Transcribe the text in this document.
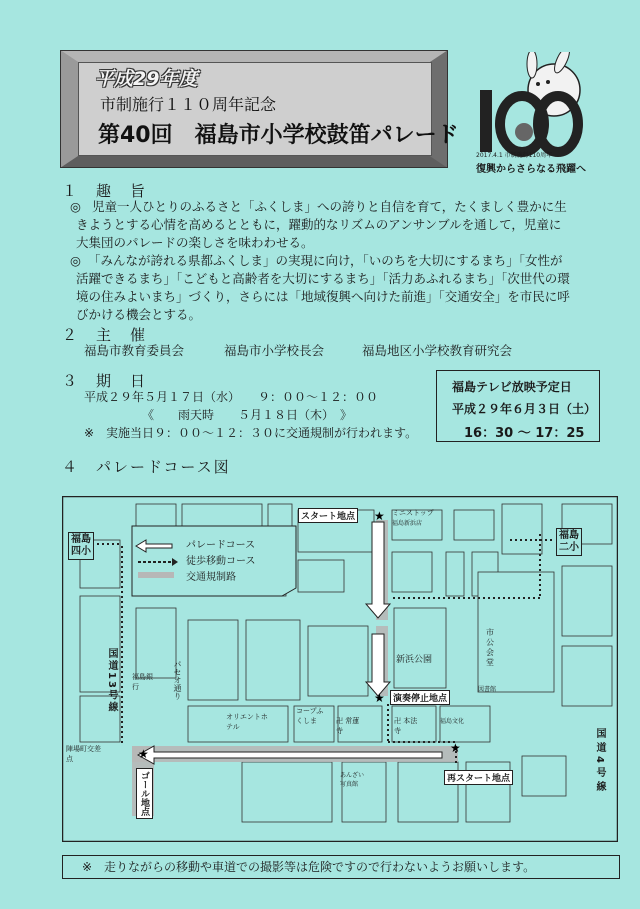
平成29年度
市制施行１１０周年記念
第40回　福島市小学校鼓笛パレード
2017.4.1 市制施行110周年
復興からさらなる飛躍へ
１　趣　旨
◎ 児童一人ひとりのふるさと「ふくしま」への誇りと自信を育て，たくましく豊かに生
きようとする心情を高めるとともに，躍動的なリズムのアンサンブルを通して，児童に
大集団のパレードの楽しさを味わわせる。
◎ 「みんなが誇れる県都ふくしま」の実現に向け，「いのちを大切にするまち」「女性が
活躍できるまち」「こどもと高齢者を大切にするまち」「活力あふれるまち」「次世代の環
境の住みよいまち」づくり，さらには「地域復興へ向けた前進」「交通安全」を市民に呼
びかける機会とする。
２　主　催
福島市教育委員会	福島市小学校長会	福島地区小学校教育研究会
３　期　日
平成２９年５月１７日（水）　　９：００～１２：００
《　　雨天時　　５月１８日（木）　》
※　実施当日９：００～１２：３０に交通規制が行われます。
福島テレビ放映予定日
平成２９年６月３日（土）
16：30 ～ 17：25
４　パレードコース図
★
★
★
★
福島
四小
福島
二小
パレードコース
徒歩移動コース
交通規制路
スタート地点	ミニストップ
福島新浜店
市
公
会
堂
図書館
新浜公園
演奏停止地点
再スタート地点
ゴール地点
国道13号線
国道4号線
福島銀行	パセオ通り
オリエントホテル
コープふくしま	卍 常蓮寺
卍 本法寺
福島文化
陣場町交差点
あんざい写真館
※　走りながらの移動や車道での撮影等は危険ですので行わないようお願いします。
